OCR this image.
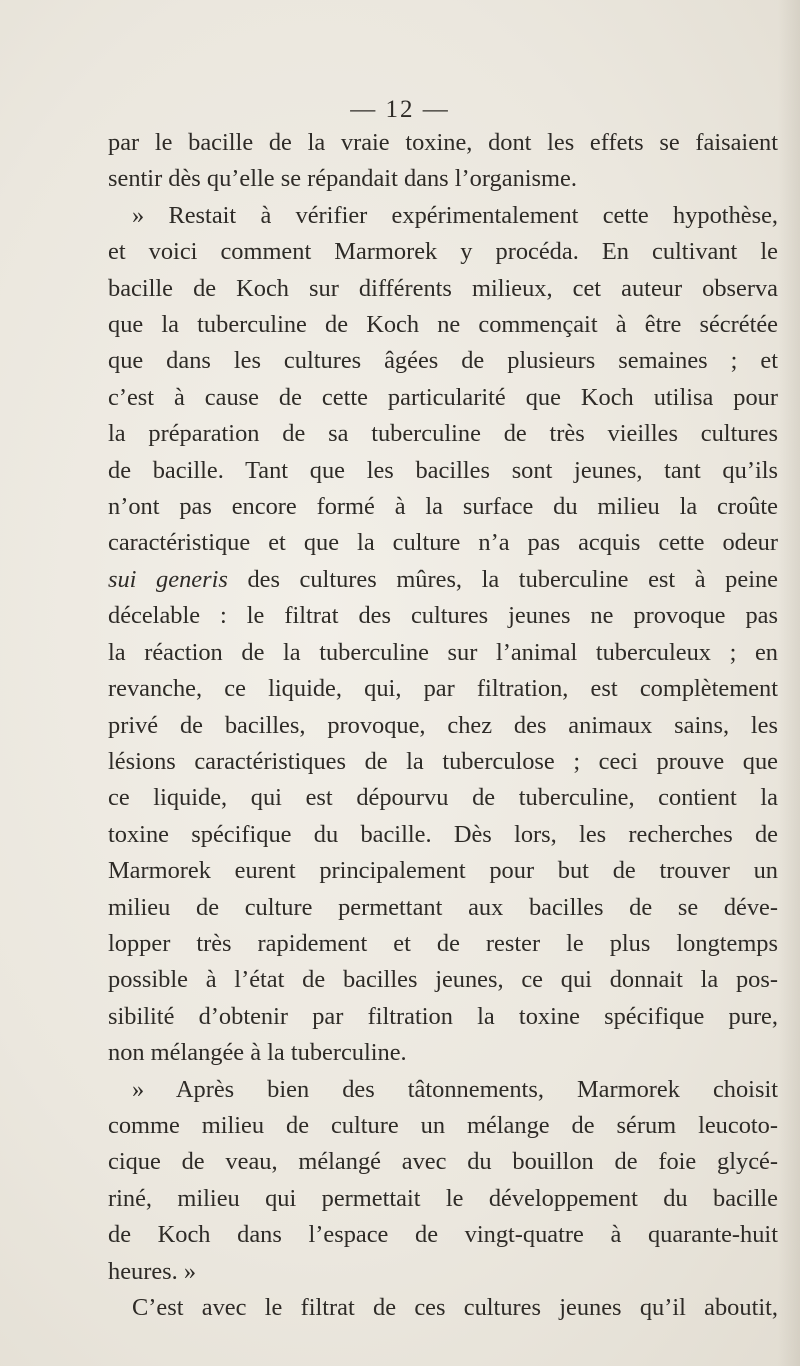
— 12 —
par le bacille de la vraie toxine, dont les effets se faisaient
sentir dès qu’elle se répandait dans l’organisme.
» Restait à vérifier expérimentalement cette hypothèse,
et voici comment Marmorek y procéda. En cultivant le
bacille de Koch sur différents milieux, cet auteur observa
que la tuberculine de Koch ne commençait à être sécrétée
que dans les cultures âgées de plusieurs semaines ; et
c’est à cause de cette particularité que Koch utilisa pour
la préparation de sa tuberculine de très vieilles cultures
de bacille. Tant que les bacilles sont jeunes, tant qu’ils
n’ont pas encore formé à la surface du milieu la croûte
caractéristique et que la culture n’a pas acquis cette odeur
sui generis des cultures mûres, la tuberculine est à peine
décelable : le filtrat des cultures jeunes ne provoque pas
la réaction de la tuberculine sur l’animal tuberculeux ; en
revanche, ce liquide, qui, par filtration, est complètement
privé de bacilles, provoque, chez des animaux sains, les
lésions caractéristiques de la tuberculose ; ceci prouve que
ce liquide, qui est dépourvu de tuberculine, contient la
toxine spécifique du bacille. Dès lors, les recherches de
Marmorek eurent principalement pour but de trouver un
milieu de culture permettant aux bacilles de se déve-
lopper très rapidement et de rester le plus longtemps
possible à l’état de bacilles jeunes, ce qui donnait la pos-
sibilité d’obtenir par filtration la toxine spécifique pure,
non mélangée à la tuberculine.
» Après bien des tâtonnements, Marmorek choisit
comme milieu de culture un mélange de sérum leucoto-
cique de veau, mélangé avec du bouillon de foie glycé-
riné, milieu qui permettait le développement du bacille
de Koch dans l’espace de vingt-quatre à quarante-huit
heures. »
C’est avec le filtrat de ces cultures jeunes qu’il aboutit,
